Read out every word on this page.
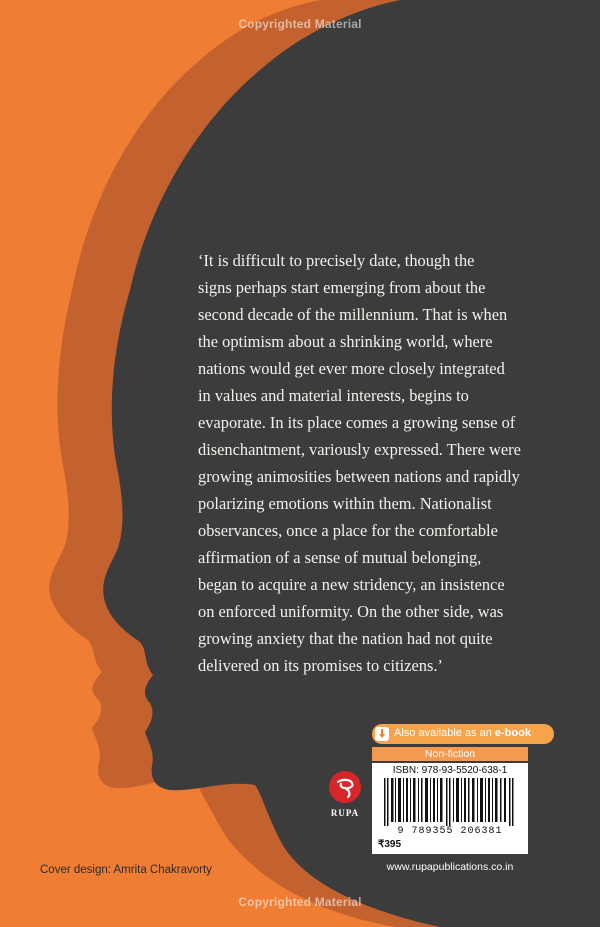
Copyrighted Material
‘It is difficult to precisely date, though the
signs perhaps start emerging from about the
second decade of the millennium. That is when
the optimism about a shrinking world, where
nations would get ever more closely integrated
in values and material interests, begins to
evaporate. In its place comes a growing sense of
disenchantment, variously expressed. There were
growing animosities between nations and rapidly
polarizing emotions within them. Nationalist
observances, once a place for the comfortable
affirmation of a sense of mutual belonging,
began to acquire a new stridency, an insistence
on enforced uniformity. On the other side, was
growing anxiety that the nation had not quite
delivered on its promises to citizens.’
Also available as an e-book
Non-fiction
RUPA
ISBN: 978-93-5520-638-1
9 789355 206381
₹395
www.rupapublications.co.in
Cover design: Amrita Chakravorty
Copyrighted Material
